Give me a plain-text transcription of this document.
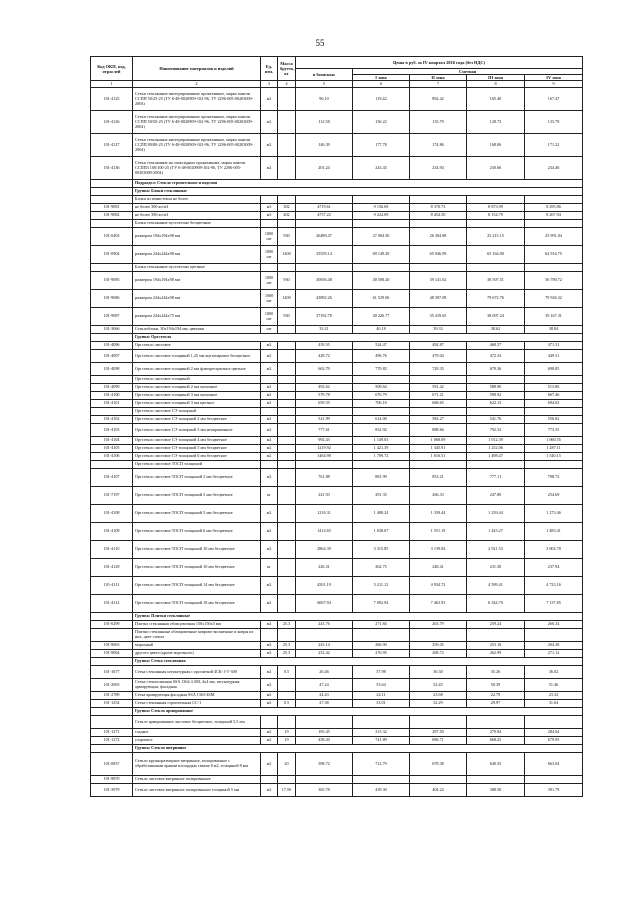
55
Код ОКП, код, отраслей	Наименование материалов и изделий	Ед. изм.	Масса брутто, кг	Цены в руб. за IV квартал 2016 года (без НДС)				
				в базисных	Сметная			
					I зона	II зона	III зона	IV зона
1	2	3	4	5	6	7	8	9
101-4125	Сетки стеклянные интегрированные прокатанные, марка панели ССПП 50/25-25 (ТУ 6-48-0020909-102-96, ТУ 2296-005-00203009-2004)	м2		96.10	119.42	892.42	165.40	167.47
101-4126	Сетки стеклянные интегрированные прокатанные, марка панели ССПП 50/50-25 (ТУ 6-48-0020909-102-96, ТУ 2296-005-00203009-2004)	м2		112.58	136.22	133.79	128.73	133.79
101-4127	Сетки стеклянные интегрированные прокатанные, марка панели ССПП 80/80-25 (ТУ 6-48-0020909-102-96, ТУ 2296-005-00203009-2004)	м2		146.39	177.78	174.86	168.06	171.22
101-4136	Сетки стеклянные на эпоксидных прокатанные, марка панели ССППЗ 100/100-25 (ТУ 6-48-0020909-102-96, ТУ 2296-005-00203009-2004)	м2		201.24	243.43	234.94	230.66	234.46
	Подраздел: Стекло строительное и изделия							
	Группа: Блоки стеклянные							
	Блоки из пенистекла не более							
101-9081	не более 300 кг/м3	м3	302	4719.61	9 136.69	8 370.73	8 873.99	8 295.86
101-9082	не более 390 кг/м3	м3	402	4757.22	9 224.09	8 454.50	8 154.79	8 267.94
	Блоки стеклянные пустотелые бесцветные							
101-0403	размером 194х194х98 мм	1000 шт	930	26489.47	27 004.50	26 304.88	25 215.15	25 991.04
101-0904	размером 244х244х98 мм	1000 шт	1400	35559.14	69 149.29	65 946.99	65 164.00	62 916.75
	Блоки стеклянные пустотелые цветные							
101-9085	размером 194х194х98 мм	1000 шт	930	30656.48	40 508.26	39 141.62	38 507.51	36 780.72
101-9086	размером 244х244х98 мм	1000 шт	1400	43892.26	61 529.06	48 397.08	79 672.76	79 926.32
101-9087	размером 244х244х75 мм	1000 шт	930	37192.78	40 226.77	35 419.65	38 007.24	39 167.31
101-3066	Стеклоблоки, 30х194х194 мм, цветные	шт		33.21	40.18	39.33	38.62	38.84
	Группа: Оргстекло							
101-4096	Оргстекло листовое	м2		439.55	524.47	492.87	468.57	471.31
101-4097	Оргстекло листовое толщиной 1,25 мм ацетатировое бесцветное	м2		428.72	496.76	479.04	472.34	449.51
101-4098	Оргстекло листовое толщиной 2 мм флюоресцентное цветное	м2		663.79	770.83	729.35	679.36	698.85
	Оргстекло листовое толщиной							
101-4099	Оргстекло листовое толщиной 2 мм молочное	м2		492.62	509.64	591.42	588.90	513.86
101-4100	Оргстекло листовое толщиной 3 мм молочное	м2		579.78	670.79	671.21	598.92	667.46
101-4101	Оргстекло листовое толщиной 3 мм цветное	м2		659.55	706.10	668.65	622.13	694.63
	Оргстекло листовое СЭ толщиной							
101-4102	Оргстекло листовое СЭ толщиной 2 мм бесцветное	м2		521.99	614.00	582.27	541.76	556.82
101-4103	Оргстекло листовое СЭ толщиной 3 мм неокрашенное	м2		777.61	832.92	888.66	792.52	773.35
101-4104	Оргстекло листовое СЭ толщиной 4 мм бесцветное	м2		992.43	1 149.03	1 068.09	1 012.39	1 060.55
101-4105	Оргстекло листовое СЭ толщиной 5 мм бесцветное	м2		1219.92	1 421.39	1 345.91	1 252.06	1 287.11
101-4106	Оргстекло листовое СЭ толщиной 6 мм бесцветное	м2		1464.90	1 709.72	1 616.51	1 498.47	1 540.15
	Оргстекло листовое ТОСП толщиной							
101-4107	Оргстекло листовое ТОСП толщиной 3 мм бесцветное	м2		761.88	881.99	853.21	777.11	798.72
101-7197	Оргстекло листовое ТОСП толщиной 5 мм бесцветное	кг		241.93	291.35	266.33	247.80	254.69
101-4108	Оргстекло листовое ТОСП толщиной 5 мм бесцветное	м2		1216.31	1 408.24	1 339.44	1 239.44	1 273.46
101-4109	Оргстекло листовое ТОСП толщиной 6 мм бесцветное	м2		1414.65	1 638.67	1 551.19	1 443.27	1 483.41
101-4110	Оргстекло листовое ТОСП толщиной 10 мм бесцветное	м2		2864.39	3 315.85	3 139.84	2 921.53	3 002.78
101-4129	Оргстекло листовое ТОСП толщиной 10 мм бесцветное	кг		226.31	262.75	248.41	231.50	237.94
101-4111	Оргстекло листовое ТОСП толщиной 14 мм бесцветное	м2		4501.19	5 211.12	4 934.72	4 599.41	4 723.16
101-4112	Оргстекло листовое ТОСП толщиной 18 мм бесцветное	м2		6067.94	7 092.94	7 463.93	6 344.70	7 137.85
	Группа: Плитки стеклянные							
101-6299	Плитка стеклянная облицовочная 150х150х5 мм	м2	25.3	243.76	271.84	263.79	259.24	266.34
	Плитки стеклянные облицовочные коврово-мозаичные и ковры из них, цвет стекла							
101-9063	морозный	м2	25.3	243.14	266.90	259.45	253.16	264.38
101-9064	другого цвета (кроме морозного)	м2	25.3	252.42	276.95	268.72	262.99	271.12
	Группа: Сетка стеклянная							
101-1677	Сетка стеклянная штукатурная с пропиткой 4СК-1-Т-300	м2	0.5	26.46	37.98	36.30	35.26	36.02
101-2693	Сетка стеклосвязная SSA 1364 4 SM, 4х4 мм, штукатурная армирующая, фасадная	м2		47.24	53.64	52.45	50.39	51.46
101-2789	Сетка армирующая фасадная SSA 1363-4SM	м2		24.43	24.11	23.68	22.79	23.32
101-1254	Сетка стеклянная строительная СС-1	м2	0.5	27.38	33.01	32.29	29.97	31.64
	Группа: Стекло армированное							
	Стекло армированное листовое бесцветное, толщиной 5,5 мм							
101-1271	гладкое	м2	19	183.45	315.32	287.50	279.84	284.64
101-1272	узорчатое	м2	19	458.20	741.89	696.71	668.25	679.95
	Группа: Стекло витринное							
101-0837	Стекло крупноразмерное витринное, полированное с обработанными краями площадью свыше 8 м2, толщиной 8 мм	м2	20	598.72	712.79	678.38	640.55	663.04
101-9870	Стекло листовое витринное полированное							
101-3979	Стекло листовое витринное полированное толщиной 5 мм	м2	17.50	365.78	439.30	404.24	388.50	391.79
